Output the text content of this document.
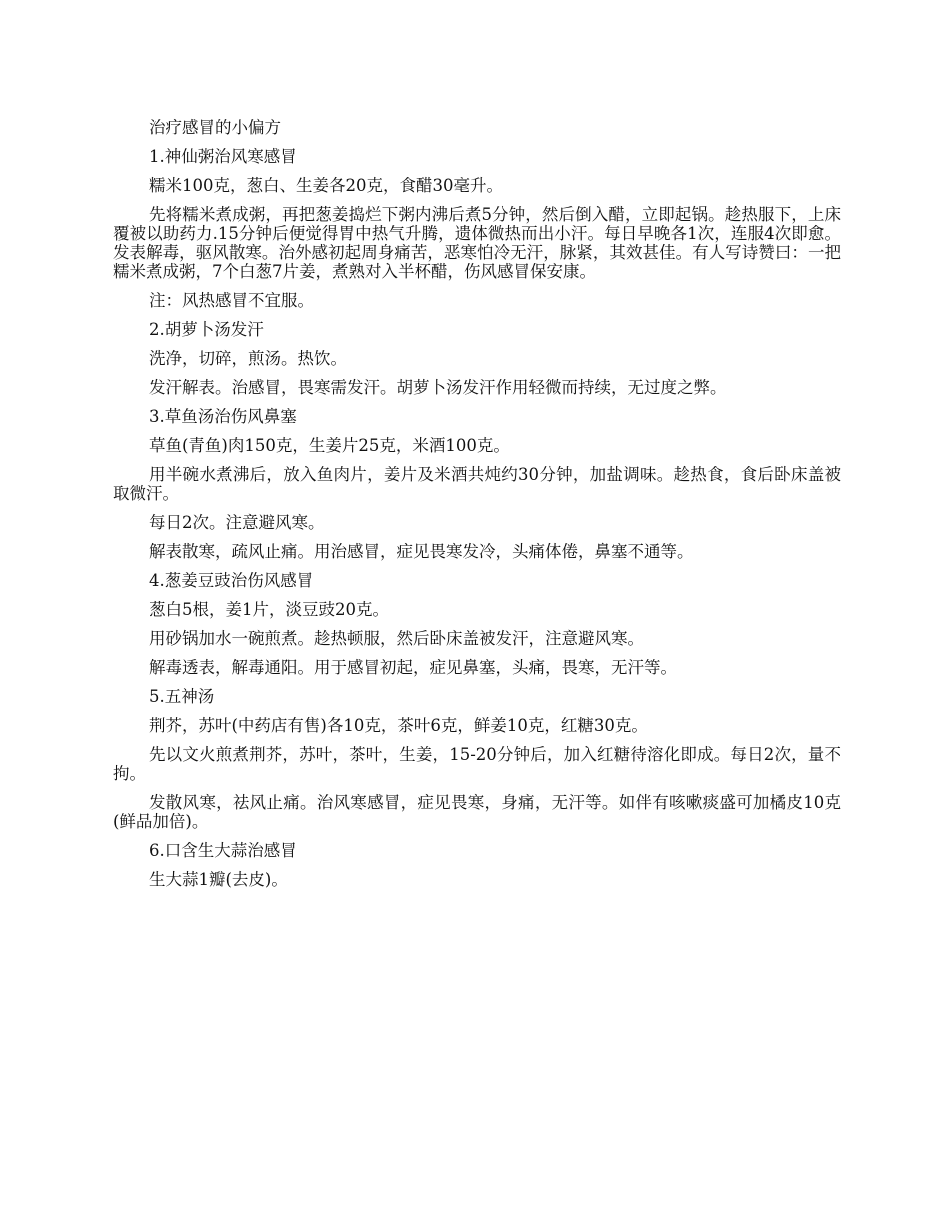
治疗感冒的小偏方

1.神仙粥治风寒感冒

糯米100克，葱白、生姜各20克，食醋30毫升。

先将糯米煮成粥，再把葱姜捣烂下粥内沸后煮5分钟，然后倒入醋，立即起锅。趁热服下，上床覆被以助药力.15分钟后便觉得胃中热气升腾，遗体微热而出小汗。每日早晚各1次，连服4次即愈。发表解毒，驱风散寒。治外感初起周身痛苦，恶寒怕冷无汗，脉紧，其效甚佳。有人写诗赞曰：一把糯米煮成粥，7个白葱7片姜，煮熟对入半杯醋，伤风感冒保安康。

注：风热感冒不宜服。

2.胡萝卜汤发汗

洗净，切碎，煎汤。热饮。

发汗解表。治感冒，畏寒需发汗。胡萝卜汤发汗作用轻微而持续，无过度之弊。

3.草鱼汤治伤风鼻塞

草鱼(青鱼)肉150克，生姜片25克，米酒100克。

用半碗水煮沸后，放入鱼肉片，姜片及米酒共炖约30分钟，加盐调味。趁热食，食后卧床盖被取微汗。

每日2次。注意避风寒。

解表散寒，疏风止痛。用治感冒，症见畏寒发冷，头痛体倦，鼻塞不通等。

4.葱姜豆豉治伤风感冒

葱白5根，姜1片，淡豆豉20克。

用砂锅加水一碗煎煮。趁热顿服，然后卧床盖被发汗，注意避风寒。

解毒透表，解毒通阳。用于感冒初起，症见鼻塞，头痛，畏寒，无汗等。

5.五神汤

荆芥，苏叶(中药店有售)各10克，茶叶6克，鲜姜10克，红糖30克。

先以文火煎煮荆芥，苏叶，茶叶，生姜，15-20分钟后，加入红糖待溶化即成。每日2次，量不拘。

发散风寒，祛风止痛。治风寒感冒，症见畏寒，身痛，无汗等。如伴有咳嗽痰盛可加橘皮10克(鲜品加倍)。

6.口含生大蒜治感冒

生大蒜1瓣(去皮)。
